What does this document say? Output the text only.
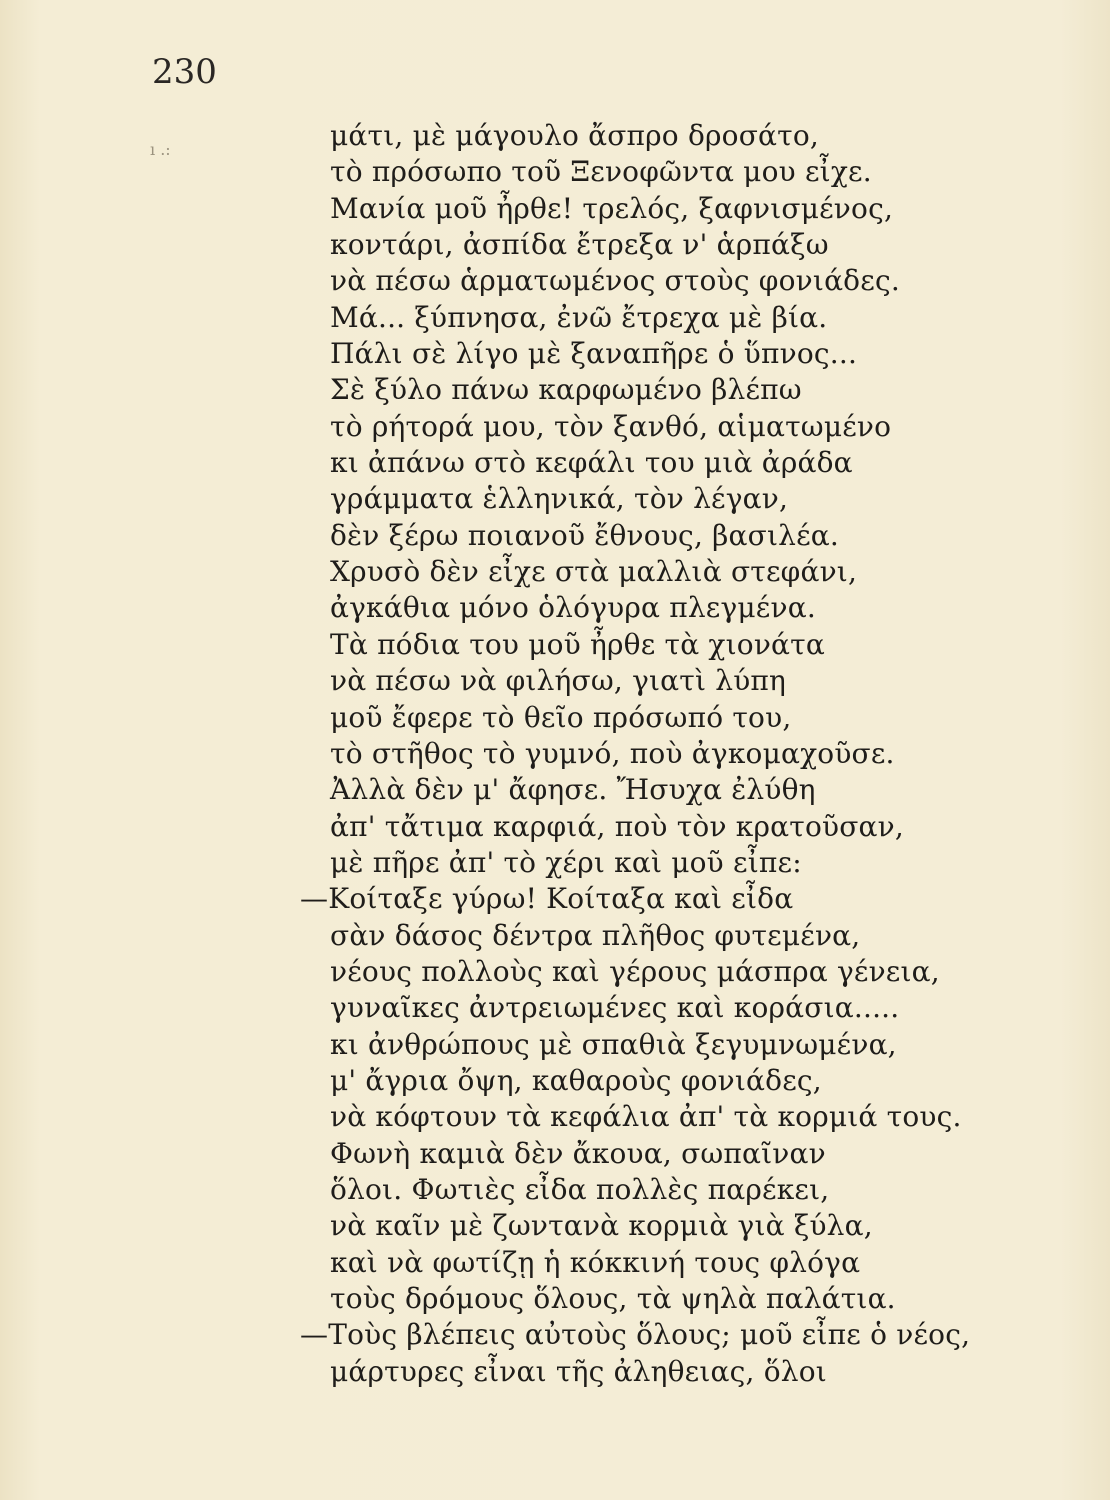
230

ı .:	μάτι, μὲ μάγουλο ἄσπρο δροσάτο,
τὸ πρόσωπο τοῦ Ξενοφῶντα μου εἶχε.
Μανία μοῦ ἦρθε! τρελός, ξαφνισμένος,
κοντάρι, ἀσπίδα ἔτρεξα ν' ἁρπάξω
νὰ πέσω ἁρματωμένος στοὺς φονιάδες.
Μά... ξύπνησα, ἐνῶ ἔτρεχα μὲ βία.
Πάλι σὲ λίγο μὲ ξαναπῆρε ὁ ὕπνος...
Σὲ ξύλο πάνω καρφωμένο βλέπω
τὸ ρήτορά μου, τὸν ξανθό, αἱματωμένο
κι ἀπάνω στὸ κεφάλι του μιὰ ἀράδα
γράμματα ἑλληνικά, τὸν λέγαν,
δὲν ξέρω ποιανοῦ ἔθνους, βασιλέα.
Χρυσὸ δὲν εἶχε στὰ μαλλιὰ στεφάνι,
ἀγκάθια μόνο ὁλόγυρα πλεγμένα.
Τὰ πόδια του μοῦ ἦρθε τὰ χιονάτα
νὰ πέσω νὰ φιλήσω, γιατὶ λύπη
μοῦ ἔφερε τὸ θεῖο πρόσωπό του,
τὸ στῆθος τὸ γυμνό, ποὺ ἀγκομαχοῦσε.
Ἀλλὰ δὲν μ' ἄφησε. Ἤσυχα ἐλύθη
ἀπ' τἄτιμα καρφιά, ποὺ τὸν κρατοῦσαν,
μὲ πῆρε ἀπ' τὸ χέρι καὶ μοῦ εἶπε:
—Κοίταξε γύρω! Κοίταξα καὶ εἶδα
σὰν δάσος δέντρα πλῆθος φυτεμένα,
νέους πολλοὺς καὶ γέρους μάσπρα γένεια,
γυναῖκες ἀντρειωμένες καὶ κοράσια.....
κι ἀνθρώπους μὲ σπαθιὰ ξεγυμνωμένα,
μ' ἄγρια ὄψη, καθαροὺς φονιάδες,
νὰ κόφτουν τὰ κεφάλια ἀπ' τὰ κορμιά τους.
Φωνὴ καμιὰ δὲν ἄκουα, σωπαῖναν
ὅλοι. Φωτιὲς εἶδα πολλὲς παρέκει,
νὰ καῖν μὲ ζωντανὰ κορμιὰ γιὰ ξύλα,
καὶ νὰ φωτίζῃ ἡ κόκκινή τους φλόγα
τοὺς δρόμους ὅλους, τὰ ψηλὰ παλάτια.
—Τοὺς βλέπεις αὐτοὺς ὅλους; μοῦ εἶπε ὁ νέος,
μάρτυρες εἶναι τῆς ἀληθειας, ὅλοι
